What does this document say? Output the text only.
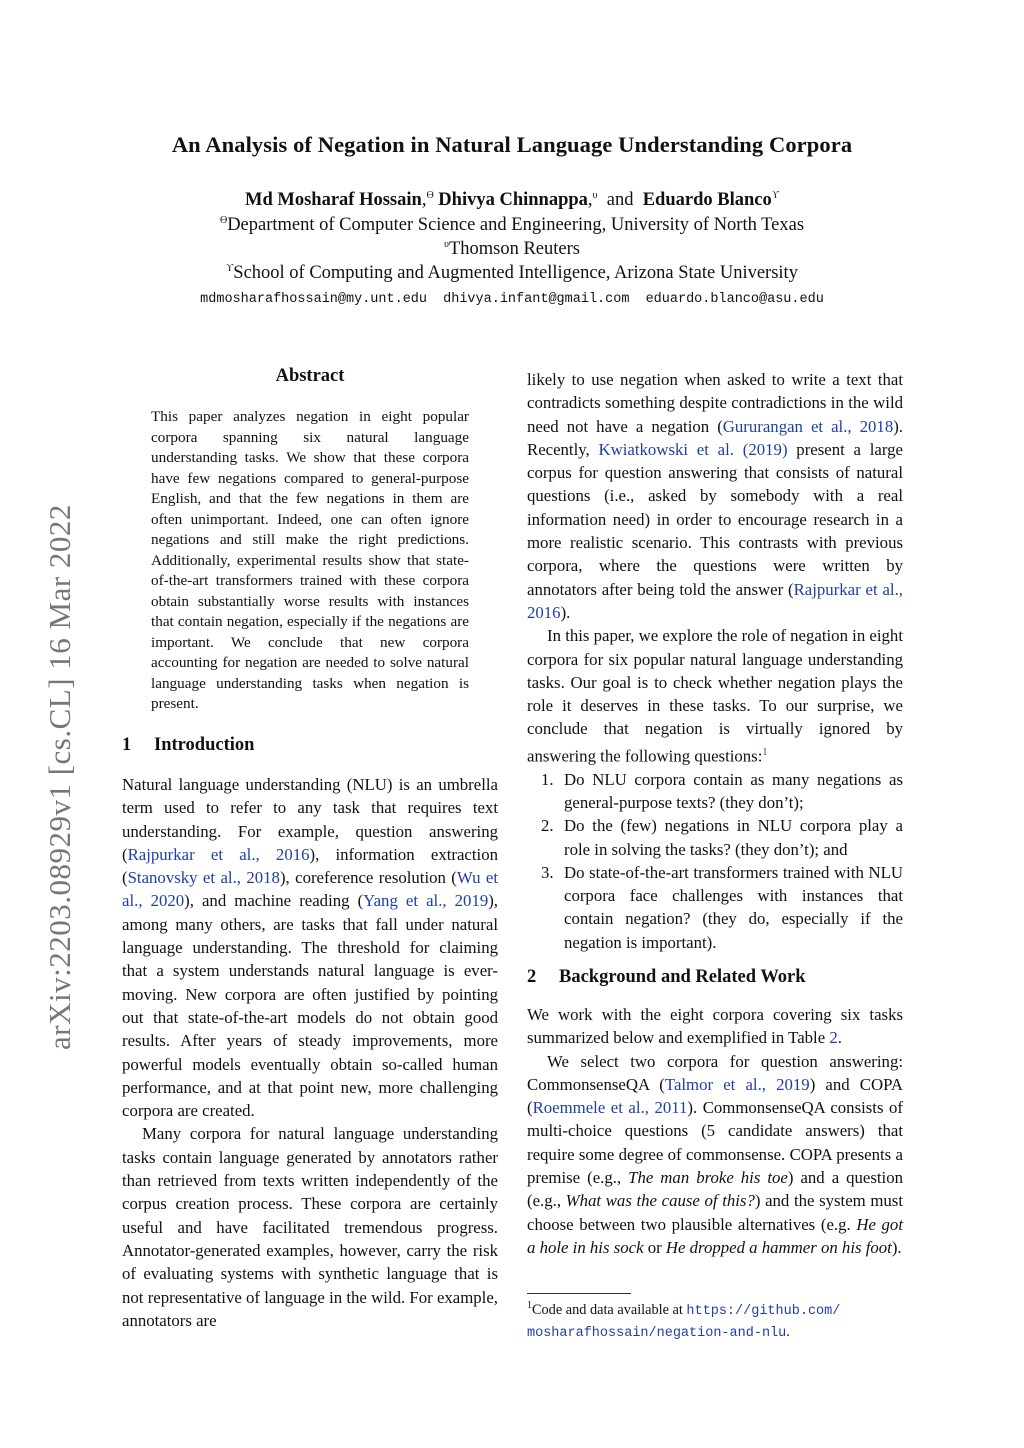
An Analysis of Negation in Natural Language Understanding Corpora
Md Mosharaf Hossain,$^ϴ$ Dhivya Chinnappa,$^\upsilon$ and Eduardo Blanco$^ϒ$
$^ϴ$Department of Computer Science and Engineering, University of North Texas
$^\upsilon$Thomson Reuters
$^ϒ$School of Computing and Augmented Intelligence, Arizona State University
mdmosharafhossain@my.unt.edu dhivya.infant@gmail.com eduardo.blanco@asu.edu
arXiv:2203.08929v1 [cs.CL] 16 Mar 2022
Abstract
This paper analyzes negation in eight popular corpora spanning six natural language understanding tasks. We show that these corpora have few negations compared to general-purpose English, and that the few negations in them are often unimportant. Indeed, one can often ignore negations and still make the right predictions. Additionally, experimental results show that state-of-the-art transformers trained with these corpora obtain substantially worse results with instances that contain negation, especially if the negations are important. We conclude that new corpora accounting for negation are needed to solve natural language understanding tasks when negation is present.
1 Introduction

Natural language understanding (NLU) is an umbrella term used to refer to any task that requires text understanding. For example, question answering (Rajpurkar et al., 2016), information extraction (Stanovsky et al., 2018), coreference resolution (Wu et al., 2020), and machine reading (Yang et al., 2019), among many others, are tasks that fall under natural language understanding. The threshold for claiming that a system understands natural language is ever-moving. New corpora are often justified by pointing out that state-of-the-art models do not obtain good results. After years of steady improvements, more powerful models eventually obtain so-called human performance, and at that point new, more challenging corpora are created.

Many corpora for natural language understanding tasks contain language generated by annotators rather than retrieved from texts written independently of the corpus creation process. These corpora are certainly useful and have facilitated tremendous progress. Annotator-generated examples, however, carry the risk of evaluating systems with synthetic language that is not representative of language in the wild. For example, annotators are

likely to use negation when asked to write a text that contradicts something despite contradictions in the wild need not have a negation (Gururangan et al., 2018). Recently, Kwiatkowski et al. (2019) present a large corpus for question answering that consists of natural questions (i.e., asked by somebody with a real information need) in order to encourage research in a more realistic scenario. This contrasts with previous corpora, where the questions were written by annotators after being told the answer (Rajpurkar et al., 2016).

In this paper, we explore the role of negation in eight corpora for six popular natural language understanding tasks. Our goal is to check whether negation plays the role it deserves in these tasks. To our surprise, we conclude that negation is virtually ignored by answering the following questions:$^1$

1. Do NLU corpora contain as many negations as general-purpose texts? (they don’t);
2. Do the (few) negations in NLU corpora play a role in solving the tasks? (they don’t); and
3. Do state-of-the-art transformers trained with NLU corpora face challenges with instances that contain negation? (they do, especially if the negation is important).
2 Background and Related Work

We work with the eight corpora covering six tasks summarized below and exemplified in Table 2.

We select two corpora for question answering: CommonsenseQA (Talmor et al., 2019) and COPA (Roemmele et al., 2011). CommonsenseQA consists of multi-choice questions (5 candidate answers) that require some degree of commonsense. COPA presents a premise (e.g., The man broke his toe) and a question (e.g., What was the cause of this?) and the system must choose between two plausible alternatives (e.g. He got a hole in his sock or He dropped a hammer on his foot).

$^1$Code and data available at https://github.com/
mosharafhossain/negation-and-nlu.
